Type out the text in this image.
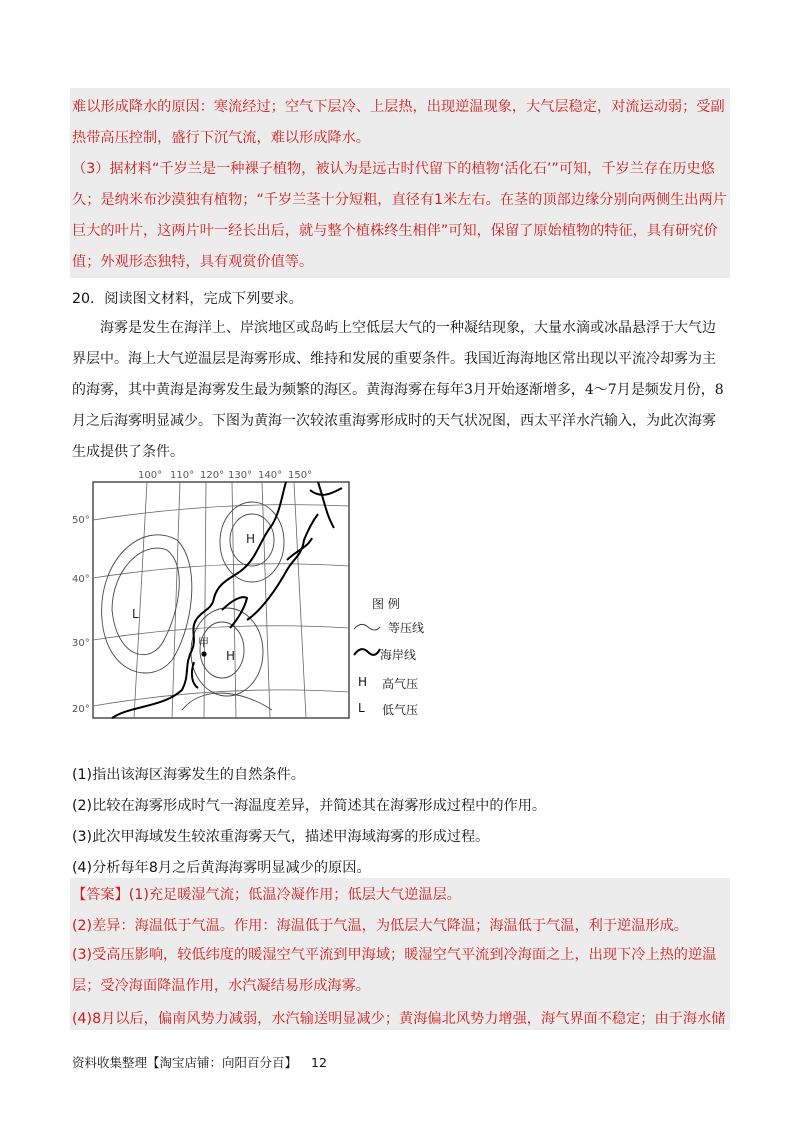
难以形成降水的原因：寒流经过；空气下层冷、上层热，出现逆温现象，大气层稳定，对流运动弱；受副热带高压控制，盛行下沉气流，难以形成降水。

（3）据材料“千岁兰是一种裸子植物，被认为是远古时代留下的植物‘活化石’”可知，千岁兰存在历史悠久；是纳米布沙漠独有植物；“千岁兰茎十分短粗，直径有1米左右。在茎的顶部边缘分别向两侧生出两片巨大的叶片，这两片叶一经长出后，就与整个植株终生相伴”可知，保留了原始植物的特征，具有研究价值；外观形态独特，具有观赏价值等。

20．阅读图文材料，完成下列要求。

海雾是发生在海洋上、岸滨地区或岛屿上空低层大气的一种凝结现象，大量水滴或冰晶悬浮于大气边界层中。海上大气逆温层是海雾形成、维持和发展的重要条件。我国近海海地区常出现以平流冷却雾为主的海雾，其中黄海是海雾发生最为频繁的海区。黄海海雾在每年3月开始逐渐增多，4～7月是频发月份，8月之后海雾明显减少。下图为黄海一次较浓重海雾形成时的天气状况图，西太平洋水汽输入，为此次海雾生成提供了条件。

50°
40°
30°
20°
100° 110° 120° 130° 140° 150°
H
L
H
甲
图 例
等压线
海岸线
H 高气压
L 低气压

(1)指出该海区海雾发生的自然条件。

(2)比较在海雾形成时气一海温度差异，并简述其在海雾形成过程中的作用。

(3)此次甲海域发生较浓重海雾天气，描述甲海域海雾的形成过程。

(4)分析每年8月之后黄海海雾明显减少的原因。

【答案】(1)充足暖湿气流；低温冷凝作用；低层大气逆温层。

(2)差异：海温低于气温。作用：海温低于气温，为低层大气降温；海温低于气温，利于逆温形成。

(3)受高压影响，较低纬度的暖湿空气平流到甲海域；暖湿空气平流到冷海面之上，出现下冷上热的逆温层；受冷海面降温作用，水汽凝结易形成海雾。

(4)8月以后，偏南风势力减弱，水汽输送明显减少；黄海偏北风势力增强，海气界面不稳定；由于海水储

资料收集整理【淘宝店铺：向阳百分百】 12
